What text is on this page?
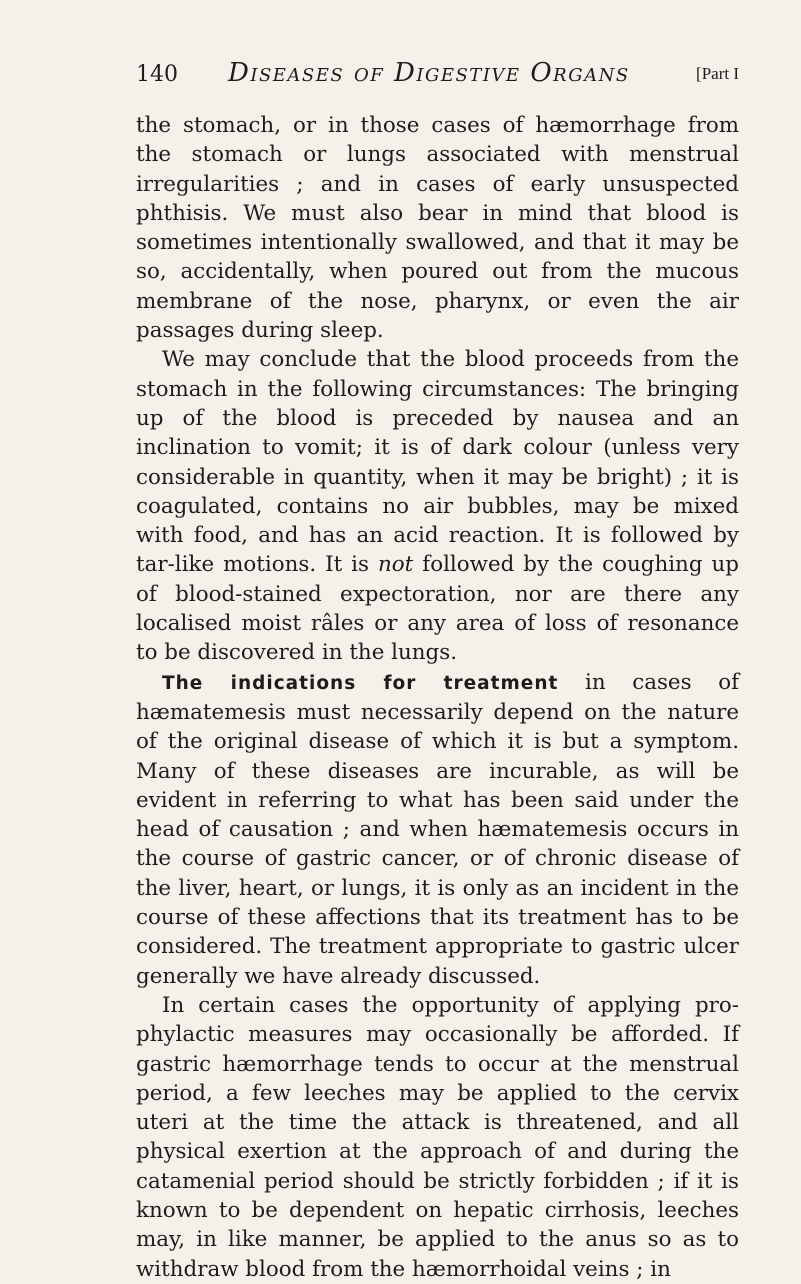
140 Diseases of Digestive Organs	[Part I

the stomach, or in those cases of hæmorrhage from the stomach or lungs associated with menstrual irregularities ; and in cases of early unsuspected phthisis. We must also bear in mind that blood is sometimes intentionally swallowed, and that it may be so, accidentally, when poured out from the mucous membrane of the nose, pharynx, or even the air passages during sleep.

We may conclude that the blood proceeds from the stomach in the following circumstances: The bringing up of the blood is preceded by nausea and an inclination to vomit; it is of dark colour (unless very considerable in quantity, when it may be bright) ; it is coagulated, contains no air bubbles, may be mixed with food, and has an acid reaction. It is followed by tar-like motions. It is not followed by the coughing up of blood-stained expectoration, nor are there any localised moist râles or any area of loss of resonance to be discovered in the lungs.

The indications for treatment in cases of hæmatemesis must necessarily depend on the nature of the original disease of which it is but a symptom. Many of these diseases are incurable, as will be evident in referring to what has been said under the head of causation ; and when hæmatemesis occurs in the course of gastric cancer, or of chronic disease of the liver, heart, or lungs, it is only as an incident in the course of these affections that its treatment has to be considered. The treatment appropriate to gastric ulcer generally we have already discussed.

In certain cases the opportunity of applying prophylactic measures may occasionally be afforded. If gastric hæmorrhage tends to occur at the menstrual period, a few leeches may be applied to the cervix uteri at the time the attack is threatened, and all physical exertion at the approach of and during the catamenial period should be strictly forbidden ; if it is known to be dependent on hepatic cirrhosis, leeches may, in like manner, be applied to the anus so as to withdraw blood from the hæmorrhoidal veins ; in
